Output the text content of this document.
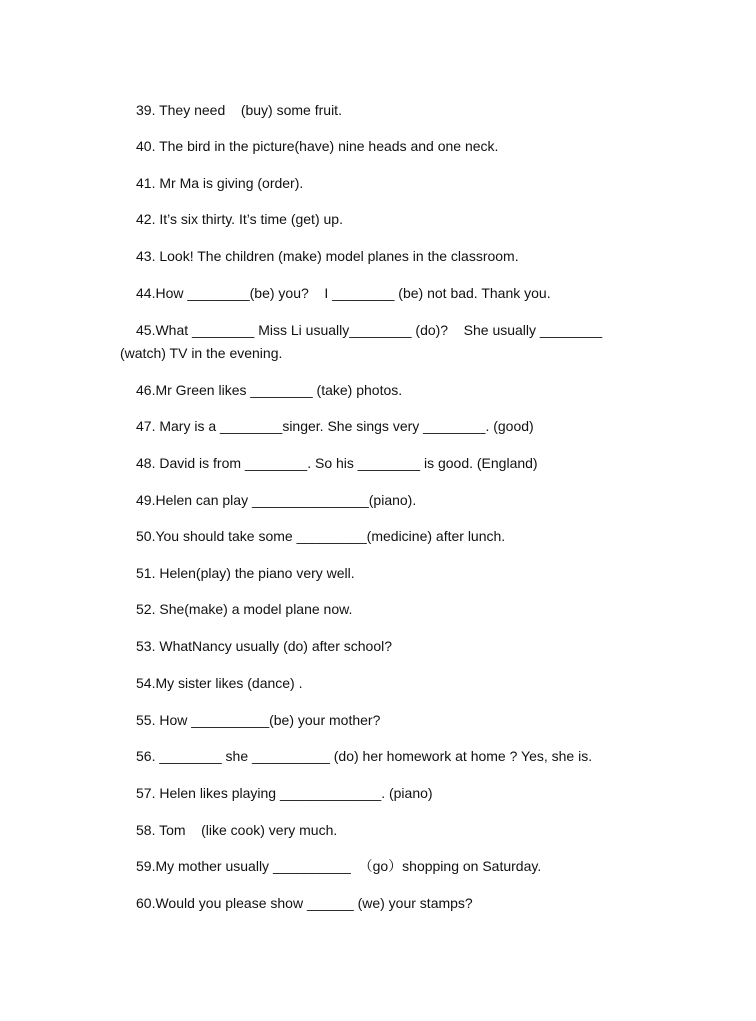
39. They need    (buy) some fruit.
40. The bird in the picture(have) nine heads and one neck.
41. Mr Ma is giving (order).
42. It’s six thirty. It’s time (get) up.
43. Look! The children (make) model planes in the classroom.
44.How ________(be) you?    I ________ (be) not bad. Thank you.
45.What ________ Miss Li usually________ (do)?    She usually ________
(watch) TV in the evening.
46.Mr Green likes ________ (take) photos.
47. Mary is a ________singer. She sings very ________. (good)
48. David is from ________. So his ________ is good. (England)
49.Helen can play _______________(piano).
50.You should take some _________(medicine) after lunch.
51. Helen(play) the piano very well.
52. She(make) a model plane now.
53. WhatNancy usually (do) after school?
54.My sister likes (dance) .
55. How __________(be) your mother?
56. ________ she __________ (do) her homework at home ? Yes, she is.
57. Helen likes playing _____________. (piano)
58. Tom    (like cook) very much.
59.My mother usually __________  （go）shopping on Saturday.
60.Would you please show ______ (we) your stamps?
